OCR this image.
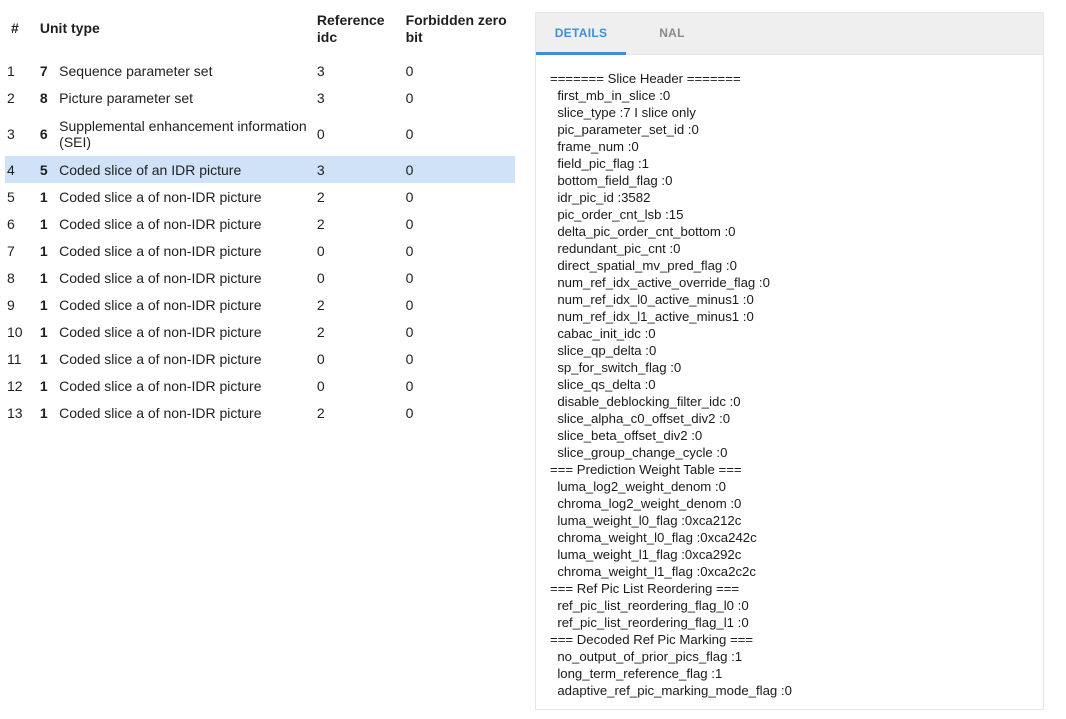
#	Unit type		Reference idc	Forbidden zero bit
1	7	Sequence parameter set	3	0
2	8	Picture parameter set	3	0
3	6	Supplemental enhancement information (SEI)	0	0
4	5	Coded slice of an IDR picture	3	0
5	1	Coded slice a of non-IDR picture	2	0
6	1	Coded slice a of non-IDR picture	2	0
7	1	Coded slice a of non-IDR picture	0	0
8	1	Coded slice a of non-IDR picture	0	0
9	1	Coded slice a of non-IDR picture	2	0
10	1	Coded slice a of non-IDR picture	2	0
11	1	Coded slice a of non-IDR picture	0	0
12	1	Coded slice a of non-IDR picture	0	0
13	1	Coded slice a of non-IDR picture	2	0
DETAILS	NAL
======= Slice Header =======
first_mb_in_slice :0
slice_type :7 I slice only
pic_parameter_set_id :0
frame_num :0
field_pic_flag :1
bottom_field_flag :0
idr_pic_id :3582
pic_order_cnt_lsb :15
delta_pic_order_cnt_bottom :0
redundant_pic_cnt :0
direct_spatial_mv_pred_flag :0
num_ref_idx_active_override_flag :0
num_ref_idx_l0_active_minus1 :0
num_ref_idx_l1_active_minus1 :0
cabac_init_idc :0
slice_qp_delta :0
sp_for_switch_flag :0
slice_qs_delta :0
disable_deblocking_filter_idc :0
slice_alpha_c0_offset_div2 :0
slice_beta_offset_div2 :0
slice_group_change_cycle :0
=== Prediction Weight Table ===
luma_log2_weight_denom :0
chroma_log2_weight_denom :0
luma_weight_l0_flag :0xca212c
chroma_weight_l0_flag :0xca242c
luma_weight_l1_flag :0xca292c
chroma_weight_l1_flag :0xca2c2c
=== Ref Pic List Reordering ===
ref_pic_list_reordering_flag_l0 :0
ref_pic_list_reordering_flag_l1 :0
=== Decoded Ref Pic Marking ===
no_output_of_prior_pics_flag :1
long_term_reference_flag :1
adaptive_ref_pic_marking_mode_flag :0
